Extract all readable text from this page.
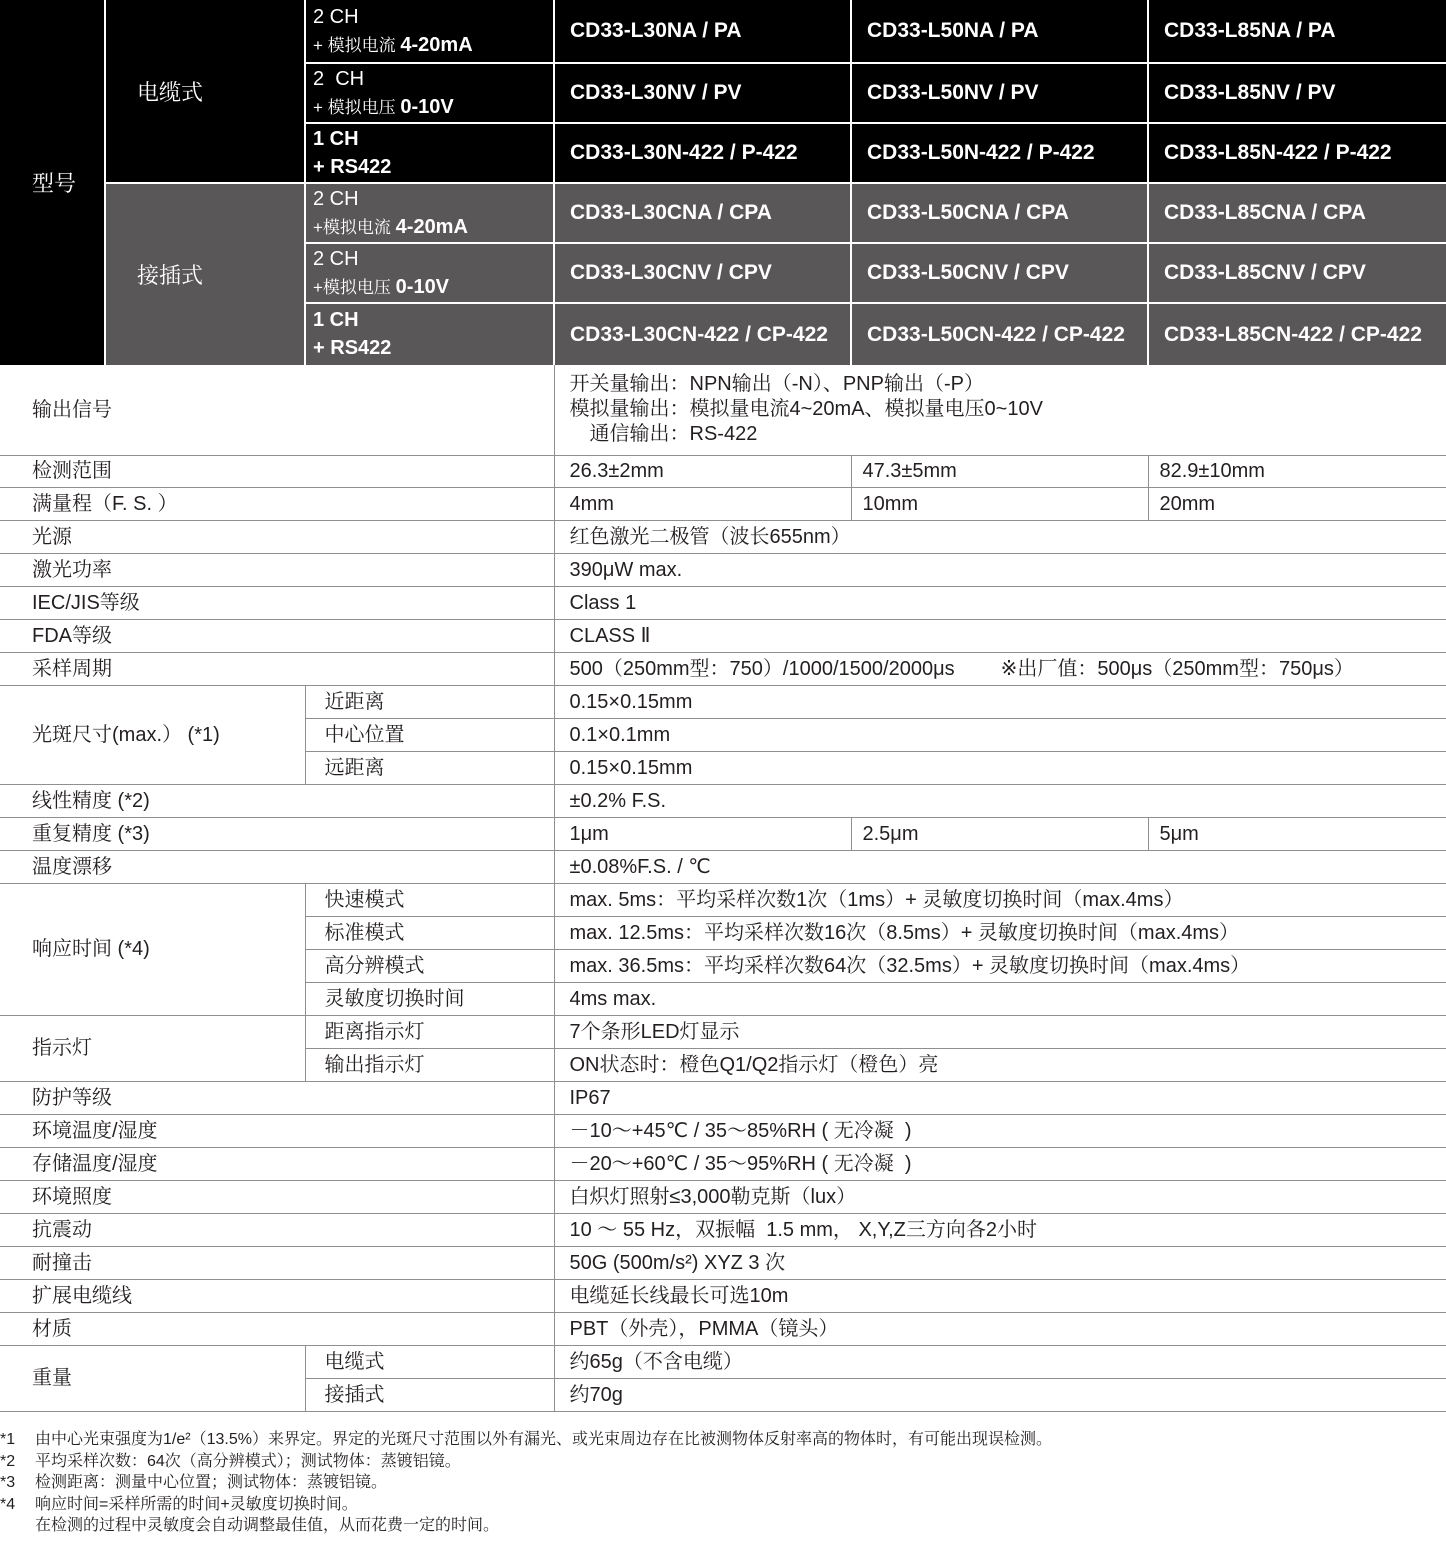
型号	电缆式	2 CH
+ 模拟电流 4-20mA	CD33-L30NA / PA	CD33-L50NA / PA	CD33-L85NA / PA

		2  CH
+ 模拟电压 0-10V	CD33-L30NV / PV	CD33-L50NV / PV	CD33-L85NV / PV

		1 CH
+ RS422	CD33-L30N-422 / P-422	CD33-L50N-422 / P-422	CD33-L85N-422 / P-422
	接插式	2 CH
+模拟电流 4-20mA	CD33-L30CNA / CPA	CD33-L50CNA / CPA	CD33-L85CNA / CPA

		2 CH
+模拟电压 0-10V	CD33-L30CNV / CPV	CD33-L50CNV / CPV	CD33-L85CNV / CPV

		1 CH
+ RS422	CD33-L30CN-422 / CP-422	CD33-L50CN-422 / CP-422	CD33-L85CN-422 / CP-422
输出信号		开关量输出：NPN输出（-N）、PNP输出（-P）
模拟量输出：模拟量电流4~20mA、模拟量电压0~10V
通信输出：RS-422		

检测范围		26.3±2mm	47.3±5mm	82.9±10mm
满量程（F. S. ）		4mm	10mm	20mm
光源		红色激光二极管（波长655nm）		
激光功率		390μW max.		
IEC/JIS等级		Class 1		
FDA等级		CLASS Ⅱ		
采样周期		500（250mm型：750）/1000/1500/2000μs ※出厂值：500μs（250mm型：750μs）		
光斑尺寸(max.） (*1)	近距离	0.15×0.15mm		
	中心位置	0.1×0.1mm		
	远距离	0.15×0.15mm		
线性精度 (*2)		±0.2% F.S.		
重复精度 (*3)		1μm	2.5μm	5μm
温度漂移		±0.08%F.S. / ℃		
响应时间 (*4)	快速模式	max. 5ms：平均采样次数1次（1ms）+ 灵敏度切换时间（max.4ms）		
	标准模式	max. 12.5ms：平均采样次数16次（8.5ms）+ 灵敏度切换时间（max.4ms）		
	高分辨模式	max. 36.5ms：平均采样次数64次（32.5ms）+ 灵敏度切换时间（max.4ms）		
	灵敏度切换时间	4ms max.		
指示灯	距离指示灯	7个条形LED灯显示		
	输出指示灯	ON状态时：橙色Q1/Q2指示灯（橙色）亮		
防护等级		IP67		
环境温度/湿度		－10～+45℃ / 35～85%RH ( 无冷凝  )		
存储温度/湿度		－20～+60℃ / 35～95%RH ( 无冷凝  )		
环境照度		白炽灯照射≤3,000勒克斯（lux）		
抗震动		10 ～ 55 Hz，双振幅  1.5 mm， X,Y,Z三方向各2小时		
耐撞击		50G (500m/s²) XYZ 3 次		
扩展电缆线		电缆延长线最长可选10m		
材质		PBT（外壳），PMMA（镜头）		
重量	电缆式	约65g（不含电缆）		
	接插式	约70g		
*1	由中心光束强度为1/e²（13.5%）来界定。界定的光斑尺寸范围以外有漏光、或光束周边存在比被测物体反射率高的物体时，有可能出现误检测。
*2	平均采样次数：64次（高分辨模式）；测试物体：蒸镀铝镜。
*3	检测距离：测量中心位置；测试物体：蒸镀铝镜。
*4	响应时间=采样所需的时间+灵敏度切换时间。
在检测的过程中灵敏度会自动调整最佳值，从而花费一定的时间。
